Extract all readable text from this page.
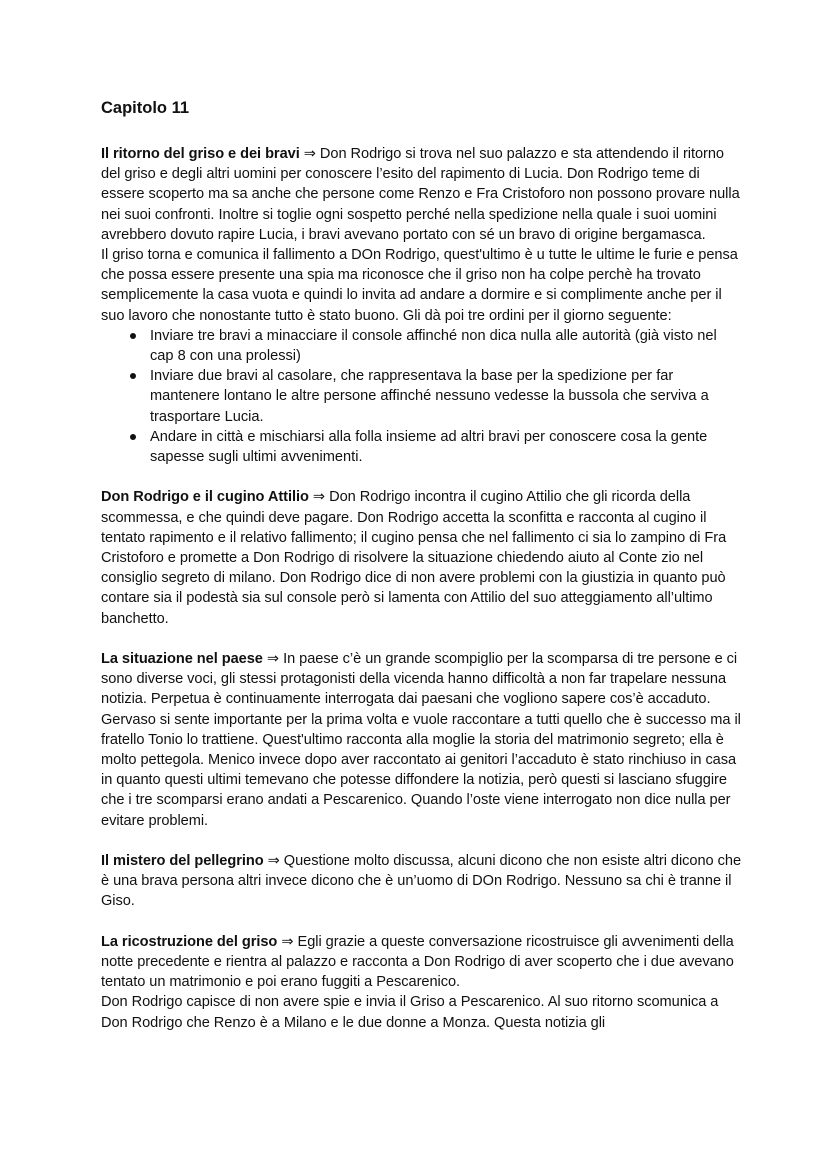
Capitolo 11

Il ritorno del griso e dei bravi ⇒ Don Rodrigo si trova nel suo palazzo e sta attendendo il ritorno del griso e degli altri uomini per conoscere l’esito del rapimento di Lucia. Don Rodrigo teme di essere scoperto ma sa anche che persone come Renzo e Fra Cristoforo non possono provare nulla nei suoi confronti. Inoltre si toglie ogni sospetto perché nella spedizione nella quale i suoi uomini avrebbero dovuto rapire Lucia, i bravi avevano portato con sé un bravo di origine bergamasca.

Il griso torna e comunica il fallimento a DOn Rodrigo, quest'ultimo è u tutte le ultime le furie e pensa che possa essere presente una spia ma riconosce che il griso non ha colpe perchè ha trovato semplicemente la casa vuota e quindi lo invita ad andare a dormire e si complimente anche per il suo lavoro che nonostante tutto è stato buono. Gli dà poi tre ordini per il giorno seguente:

Inviare tre bravi a minacciare il console affinché non dica nulla alle autorità (già visto nel cap 8 con una prolessi)
Inviare due bravi al casolare, che rappresentava la base per la spedizione per far mantenere lontano le altre persone affinché nessuno vedesse la bussola che serviva a trasportare Lucia.
Andare in città e mischiarsi alla folla insieme ad altri bravi per conoscere cosa la gente sapesse sugli ultimi avvenimenti.

Don Rodrigo e il cugino Attilio ⇒ Don Rodrigo incontra il cugino Attilio che gli ricorda della scommessa, e che quindi deve pagare. Don Rodrigo accetta la sconfitta e racconta al cugino il tentato rapimento e il relativo fallimento; il cugino pensa che nel fallimento ci sia lo zampino di Fra Cristoforo e promette a Don Rodrigo di risolvere la situazione chiedendo aiuto al Conte zio nel consiglio segreto di milano. Don Rodrigo dice di non avere problemi con la giustizia in quanto può contare sia il podestà sia sul console però si lamenta con Attilio del suo atteggiamento all’ultimo banchetto.

La situazione nel paese ⇒ In paese c’è un grande scompiglio per la scomparsa di tre persone e ci sono diverse voci, gli stessi protagonisti della vicenda hanno difficoltà a non far trapelare nessuna notizia. Perpetua è continuamente interrogata dai paesani che vogliono sapere cos’è accaduto. Gervaso si sente importante per la prima volta e vuole raccontare a tutti quello che è successo ma il fratello Tonio lo trattiene. Quest'ultimo racconta alla moglie la storia del matrimonio segreto; ella è molto pettegola. Menico invece dopo aver raccontato ai genitori l’accaduto è stato rinchiuso in casa in quanto questi ultimi temevano che potesse diffondere la notizia, però questi si lasciano sfuggire che i tre scomparsi erano andati a Pescarenico. Quando l’oste viene interrogato non dice nulla per evitare problemi.

Il mistero del pellegrino ⇒ Questione molto discussa, alcuni dicono che non esiste altri dicono che è una brava persona altri invece dicono che è un’uomo di DOn Rodrigo. Nessuno sa chi è tranne il Giso.

La ricostruzione del griso ⇒ Egli grazie a queste conversazione ricostruisce gli avvenimenti della notte precedente e rientra al palazzo e racconta a Don Rodrigo di aver scoperto che i due avevano tentato un matrimonio e poi erano fuggiti a Pescarenico.

Don Rodrigo capisce di non avere spie e invia il Griso a Pescarenico. Al suo ritorno scomunica a Don Rodrigo che Renzo è a Milano e le due donne a Monza. Questa notizia gli
